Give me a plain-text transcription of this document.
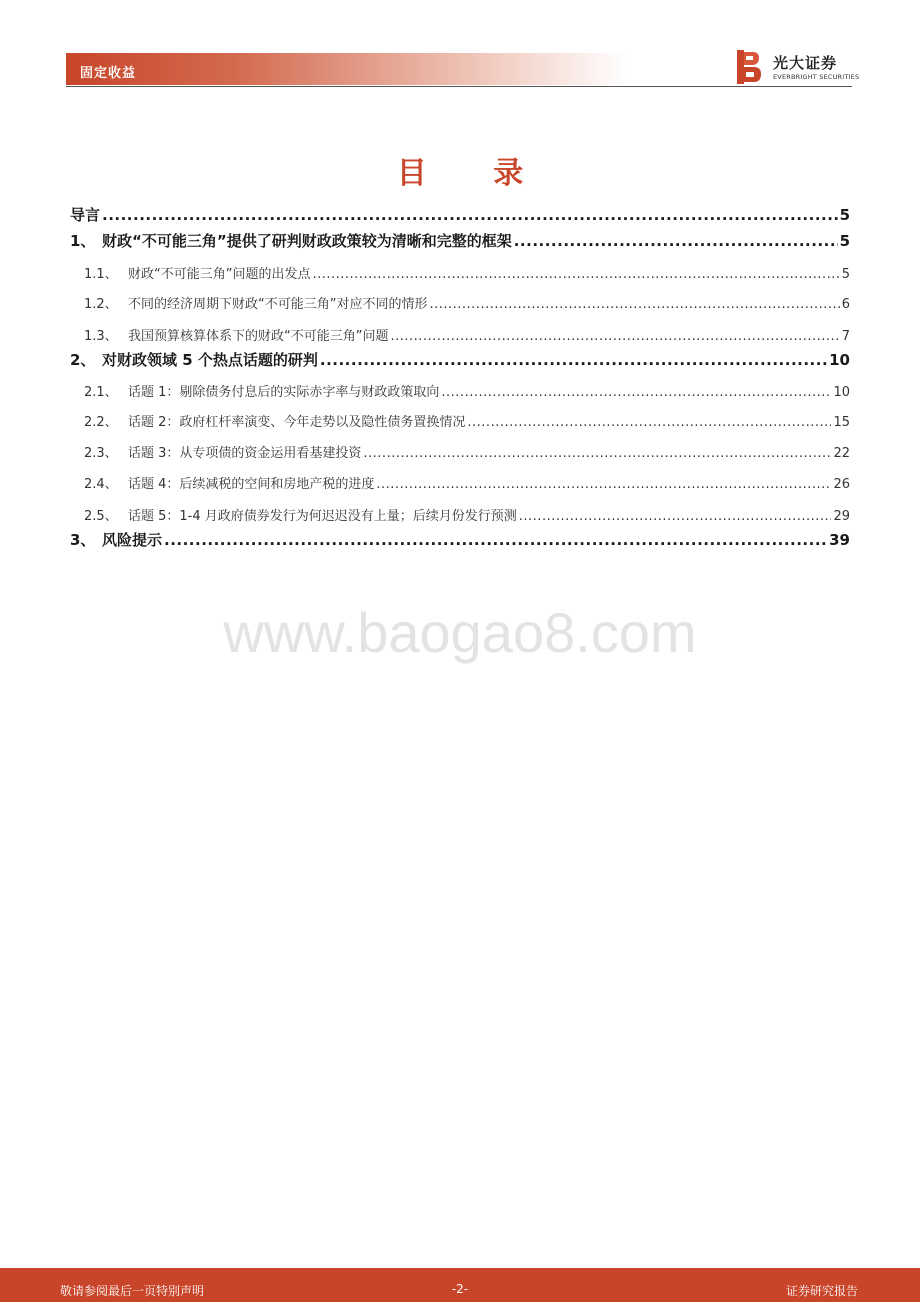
固定收益
光大证券
EVERBRIGHT SECURITIES
目 录
导言 .....	5
1、 财政“不可能三角”提供了研判财政政策较为清晰和完整的框架 .....	5
1.1、 财政“不可能三角”问题的出发点 .....	5
1.2、 不同的经济周期下财政“不可能三角”对应不同的情形 .....	6
1.3、 我国预算核算体系下的财政“不可能三角”问题 .....	7
2、 对财政领域 5 个热点话题的研判 .....	10
2.1、 话题 1：剔除债务付息后的实际赤字率与财政政策取向 .....	10
2.2、 话题 2：政府杠杆率演变、今年走势以及隐性债务置换情况 .....	15
2.3、 话题 3：从专项债的资金运用看基建投资 .....	22
2.4、 话题 4：后续减税的空间和房地产税的进度 .....	26
2.5、 话题 5：1-4 月政府债券发行为何迟迟没有上量；后续月份发行预测 .....	29
3、 风险提示 .....	39
www.baogao8.com
敬请参阅最后一页特别声明	-2-	证券研究报告
